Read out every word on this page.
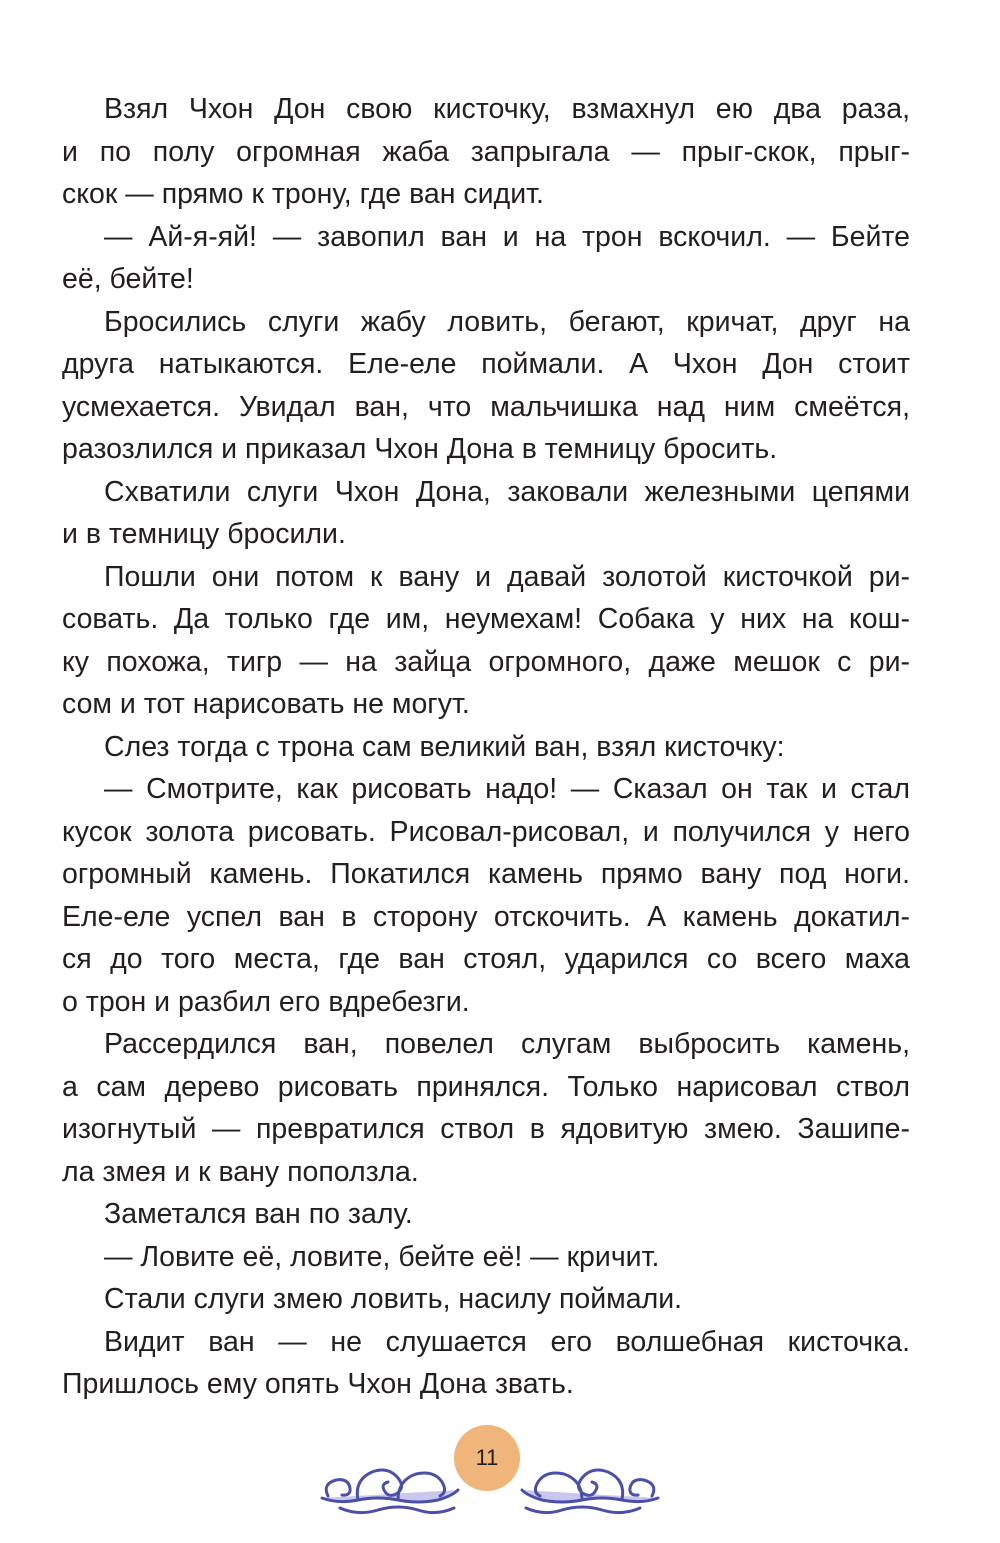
Взял Чхон Дон свою кисточку, взмахнул ею два раза,
и по полу огромная жаба запрыгала — прыг-скок, прыг-
скок — прямо к трону, где ван сидит.
— Ай-я-яй! — завопил ван и на трон вскочил. — Бейте
её, бейте!
Бросились слуги жабу ловить, бегают, кричат, друг на
друга натыкаются. Еле-еле поймали. А Чхон Дон стоит
усмехается. Увидал ван, что мальчишка над ним смеётся,
разозлился и приказал Чхон Дона в темницу бросить.
Схватили слуги Чхон Дона, заковали железными цепями
и в темницу бросили.
Пошли они потом к вану и давай золотой кисточкой ри-
совать. Да только где им, неумехам! Собака у них на кош-
ку похожа, тигр — на зайца огромного, даже мешок с ри-
сом и тот нарисовать не могут.
Слез тогда с трона сам великий ван, взял кисточку:
— Смотрите, как рисовать надо! — Сказал он так и стал
кусок золота рисовать. Рисовал-рисовал, и получился у него
огромный камень. Покатился камень прямо вану под ноги.
Еле-еле успел ван в сторону отскочить. А камень докатил-
ся до того места, где ван стоял, ударился со всего маха
о трон и разбил его вдребезги.
Рассердился ван, повелел слугам выбросить камень,
а сам дерево рисовать принялся. Только нарисовал ствол
изогнутый — превратился ствол в ядовитую змею. Зашипе-
ла змея и к вану поползла.
Заметался ван по залу.
— Ловите её, ловите, бейте её! — кричит.
Стали слуги змею ловить, насилу поймали.
Видит ван — не слушается его волшебная кисточка.
Пришлось ему опять Чхон Дона звать.
11
